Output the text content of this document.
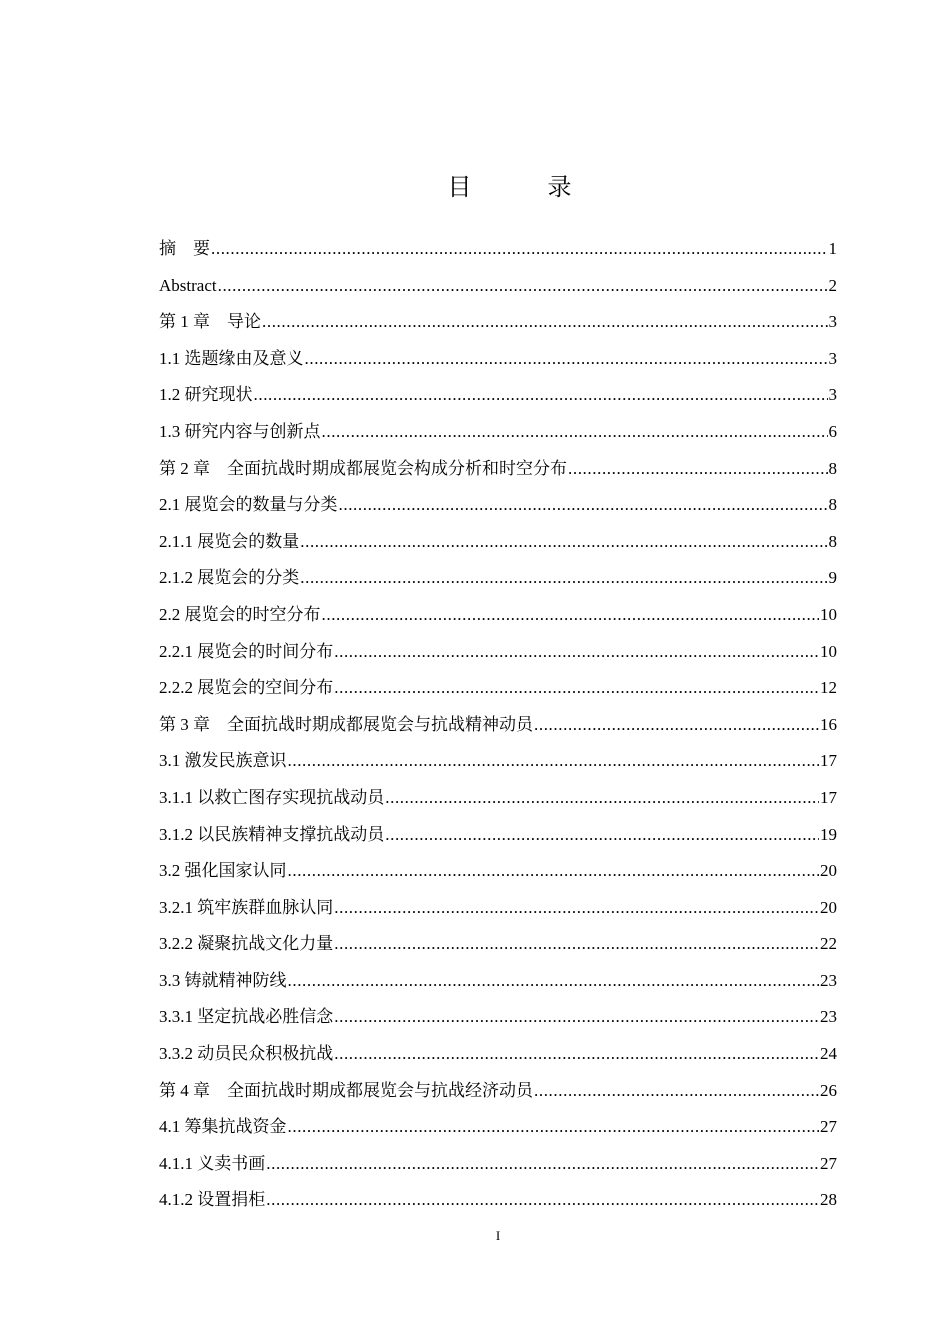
目　录
摘　要 .....	1
Abstract .....	2
第 1 章　导论 .....	3
1.1 选题缘由及意义 .....	3
1.2 研究现状 .....	3
1.3 研究内容与创新点 .....	6
第 2 章　全面抗战时期成都展览会构成分析和时空分布 .....	8
2.1 展览会的数量与分类 .....	8
2.1.1 展览会的数量 .....	8
2.1.2 展览会的分类 .....	9
2.2 展览会的时空分布 .....	10
2.2.1 展览会的时间分布 .....	10
2.2.2 展览会的空间分布 .....	12
第 3 章　全面抗战时期成都展览会与抗战精神动员 .....	16
3.1 激发民族意识 .....	17
3.1.1 以救亡图存实现抗战动员 .....	17
3.1.2 以民族精神支撑抗战动员 .....	19
3.2 强化国家认同 .....	20
3.2.1 筑牢族群血脉认同 .....	20
3.2.2 凝聚抗战文化力量 .....	22
3.3 铸就精神防线 .....	23
3.3.1 坚定抗战必胜信念 .....	23
3.3.2 动员民众积极抗战 .....	24
第 4 章　全面抗战时期成都展览会与抗战经济动员 .....	26
4.1 筹集抗战资金 .....	27
4.1.1 义卖书画 .....	27
4.1.2 设置捐柜 .....	28
I
